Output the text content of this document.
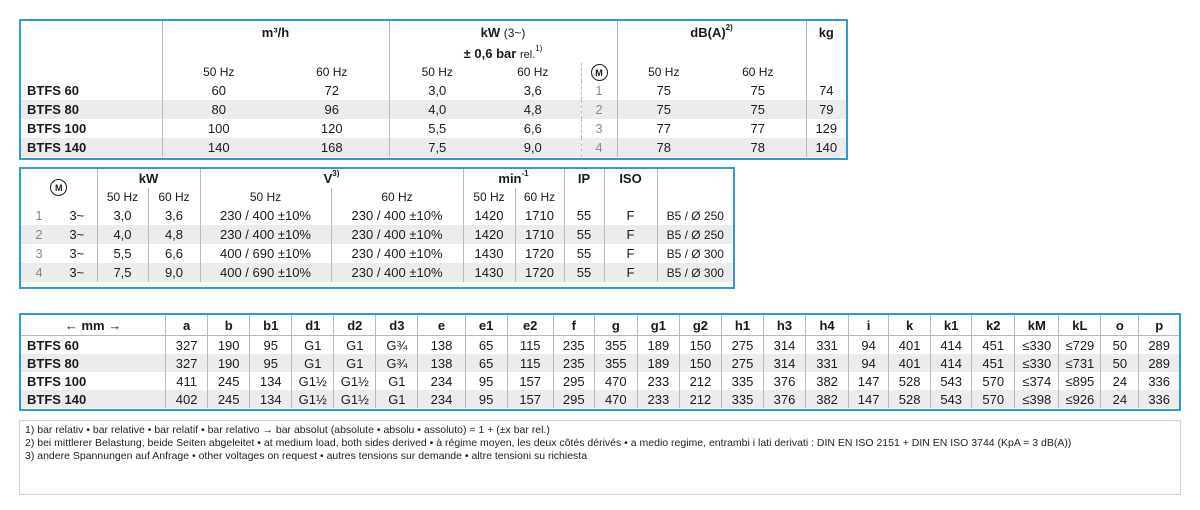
	m³/h		kW (3~)			$dB(A)^{2)}$		kg
			± 0,6 bar rel.$^{1)}$		
	50 Hz	60 Hz	50 Hz	60 Hz	M	50 Hz	60 Hz	
BTFS 60	60	72	3,0	3,6	1	75	75	74
BTFS 80	80	96	4,0	4,8	2	75	75	79
BTFS 100	100	120	5,5	6,6	3	77	77	129
BTFS 140	140	168	7,5	9,0	4	78	78	140
M		kW		$V^{3)}$		$\min^{-1}$		IP	ISO	
		50 Hz	60 Hz	50 Hz	60 Hz	50 Hz	60 Hz			
1	3~	3,0	3,6	230 / 400 ±10%	230 / 400 ±10%	1420	1710	55	F	B5 / Ø 250
2	3~	4,0	4,8	230 / 400 ±10%	230 / 400 ±10%	1420	1710	55	F	B5 / Ø 250
3	3~	5,5	6,6	400 / 690 ±10%	230 / 400 ±10%	1430	1720	55	F	B5 / Ø 300
4	3~	7,5	9,0	400 / 690 ±10%	230 / 400 ±10%	1430	1720	55	F	B5 / Ø 300
← mm →	a	b	b1	d1	d2	d3	e	e1	e2	f	g	g1	g2	h1	h3	h4	i	k	k1	k2	kM	kL	o	p
BTFS 60	327	190	95	G1	G1	G¾	138	65	115	235	355	189	150	275	314	331	94	401	414	451	≤330	≤729	50	289
BTFS 80	327	190	95	G1	G1	G¾	138	65	115	235	355	189	150	275	314	331	94	401	414	451	≤330	≤731	50	289
BTFS 100	411	245	134	G1½	G1½	G1	234	95	157	295	470	233	212	335	376	382	147	528	543	570	≤374	≤895	24	336
BTFS 140	402	245	134	G1½	G1½	G1	234	95	157	295	470	233	212	335	376	382	147	528	543	570	≤398	≤926	24	336
1) bar relativ • bar relative • bar relatif • bar relativo → bar absolut (absolute • absolu • assoluto) = 1 + (±x bar rel.)
2) bei mittlerer Belastung, beide Seiten abgeleitet • at medium load, both sides derived • à régime moyen, les deux côtés dérivés • a medio regime, entrambi i lati derivati : DIN EN ISO 2151 + DIN EN ISO 3744 (KpA = 3 dB(A))
3) andere Spannungen auf Anfrage • other voltages on request • autres tensions sur demande • altre tensioni su richiesta
